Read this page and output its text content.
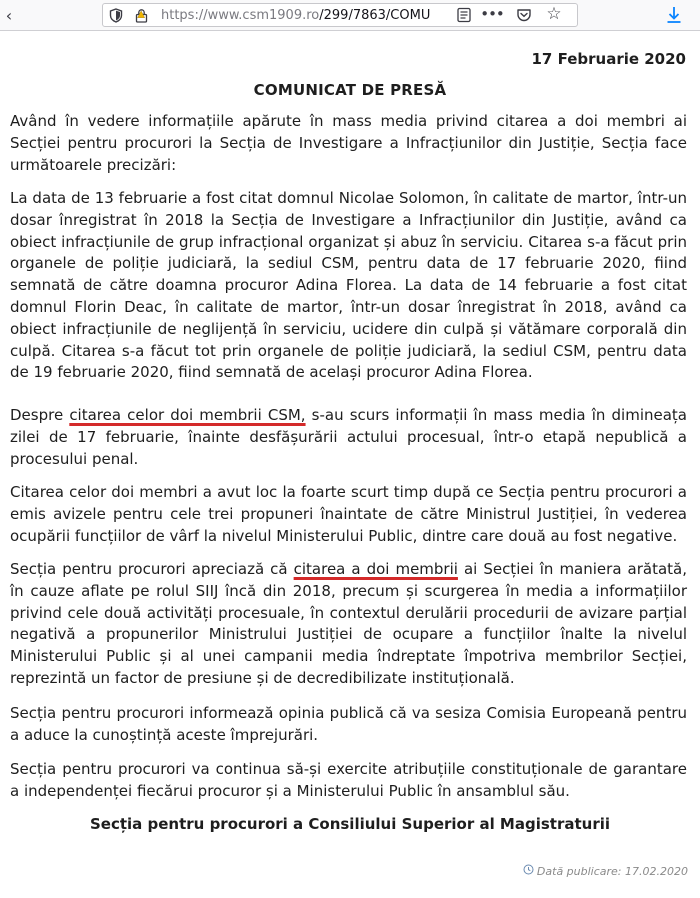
‹	https://www.csm1909.ro/299/7863/COMU	•••	☆
17 Februarie 2020
COMUNICAT DE PRESĂ

Având în vedere informațiile apărute în mass media privind citarea a doi membri ai Secției pentru procurori la Secția de Investigare a Infracțiunilor din Justiție, Secția face următoarele precizări:

La data de 13 februarie a fost citat domnul Nicolae Solomon, în calitate de martor, într-un dosar înregistrat în 2018 la Secția de Investigare a Infracțiunilor din Justiție, având ca obiect infracțiunile de grup infracțional organizat și abuz în serviciu. Citarea s-a făcut prin organele de poliție judiciară, la sediul CSM, pentru data de 17 februarie 2020, fiind semnată de către doamna procuror Adina Florea. La data de 14 februarie a fost citat domnul Florin Deac, în calitate de martor, într-un dosar înregistrat în 2018, având ca obiect infracțiunile de neglijență în serviciu, ucidere din culpă și vătămare corporală din culpă. Citarea s-a făcut tot prin organele de poliție judiciară, la sediul CSM, pentru data de 19 februarie 2020, fiind semnată de același procuror Adina Florea.

Despre citarea celor doi membrii CSM, s-au scurs informații în mass media în dimineața zilei de 17 februarie, înainte desfășurării actului procesual, într-o etapă nepublică a procesului penal.

Citarea celor doi membri a avut loc la foarte scurt timp după ce Secția pentru procurori a emis avizele pentru cele trei propuneri înaintate de către Ministrul Justiției, în vederea ocupării funcțiilor de vârf la nivelul Ministerului Public, dintre care două au fost negative.

Secția pentru procurori apreciază că citarea a doi membrii ai Secției în maniera arătată, în cauze aflate pe rolul SIIJ încă din 2018, precum și scurgerea în media a informațiilor privind cele două activități procesuale, în contextul derulării procedurii de avizare parțial negativă a propunerilor Ministrului Justiției de ocupare a funcțiilor înalte la nivelul Ministerului Public și al unei campanii media îndreptate împotriva membrilor Secției, reprezintă un factor de presiune și de decredibilizate instituțională.

Secția pentru procurori informează opinia publică că va sesiza Comisia Europeană pentru a aduce la cunoștință aceste împrejurări.

Secția pentru procurori va continua să-și exercite atribuțiile constituționale de garantare a independenței fiecărui procuror și a Ministerului Public în ansamblul său.

Secția pentru procurori a Consiliului Superior al Magistraturii
Dată publicare: 17.02.2020
